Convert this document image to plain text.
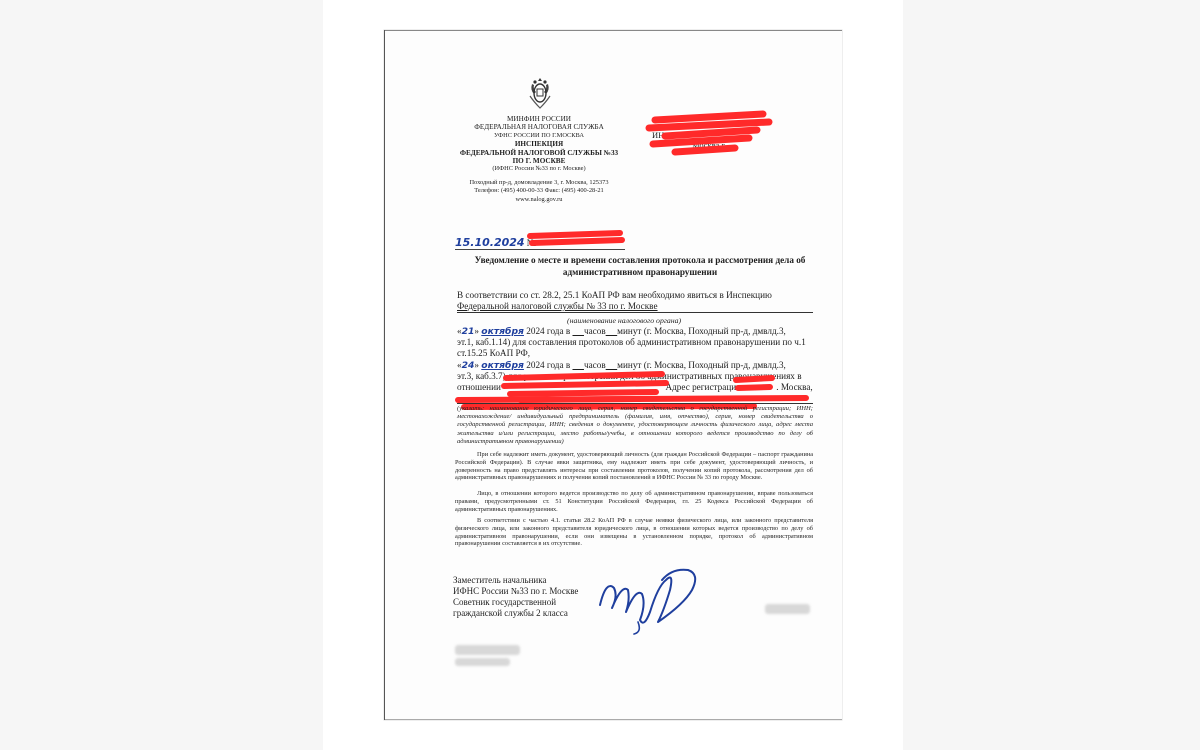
МИНФИН РОССИИ
ФЕДЕРАЛЬНАЯ НАЛОГОВАЯ СЛУЖБА
УФНС РОССИИ ПО Г.МОСКВА
ИНСПЕКЦИЯ
ФЕДЕРАЛЬНОЙ НАЛОГОВОЙ СЛУЖБЫ №33
ПО Г. МОСКВЕ
(ИФНС России №33 по г. Москве)
Походный пр-д, домовладение 3, г. Москва, 125373
Телефон: (495) 400-00-33 Факс: (495) 400-28-21
www.nalog.gov.ru
ИНН 7733
Москва г,
15.10.2024 №
Уведомление о месте и времени составления протокола и рассмотрения дела об
административном правонарушении
В соответствии со ст. 28.2, 25.1 КоАП РФ вам необходимо явиться в Инспекцию
Федеральной налоговой службы № 33 по г. Москве
(наименование налогового органа)
«21» октября 2024 года в      часов минут (г. Москва, Походный пр-д, дмвлд.3,
эт.1, каб.1.14) для составления протоколов об административном правонарушении по ч.1
ст.15.25 КоАП РФ,
«24» октября 2024 года в      часов минут (г. Москва, Походный пр-д, дмвлд.3,
эт.3, каб.3.7) для участия в рассмотрении дел об административных правонарушениях в
отношении	Адрес регистрации:	. Москва,
(указать: наименование юридического лица, серия, номер свидетельства о государственной регистрации; ИНН; местонахождение/ индивидуальный предприниматель (фамилия, имя, отчество), серия, номер свидетельства о государственной регистрации, ИНН; сведения о документе, удостоверяющем личность физического лица, адрес места жительства и/или регистрации, место работы/учебы, в отношении которого ведется производство по делу об административном правонарушении)
При себе надлежит иметь документ, удостоверяющий личность (для граждан Российской Федерации – паспорт гражданина Российской Федерации). В случае явки защитника, ему надлежит иметь при себе документ, удостоверяющий личность, и доверенность на право представлять интересы при составлении протоколов, получении копий протокола, рассмотрения дел об административных правонарушениях и получения копий постановлений в ИФНС России № 33 по городу Москве.
Лицо, в отношении которого ведется производство по делу об административном правонарушении, вправе пользоваться правами, предусмотренными ст. 51 Конституции Российской Федерации, гл. 25 Кодекса Российской Федерации об административных правонарушениях.
В соответствии с частью 4.1. статьи 28.2 КоАП РФ в случае неявки физического лица, или законного представителя физического лица, или законного представителя юридического лица, в отношении которых ведется производство по делу об административном правонарушении, если они извещены в установленном порядке, протокол об административном правонарушении составляется в их отсутствие.
Заместитель начальника
ИФНС России №33 по г. Москве
Советник государственной
гражданской службы 2 класса
